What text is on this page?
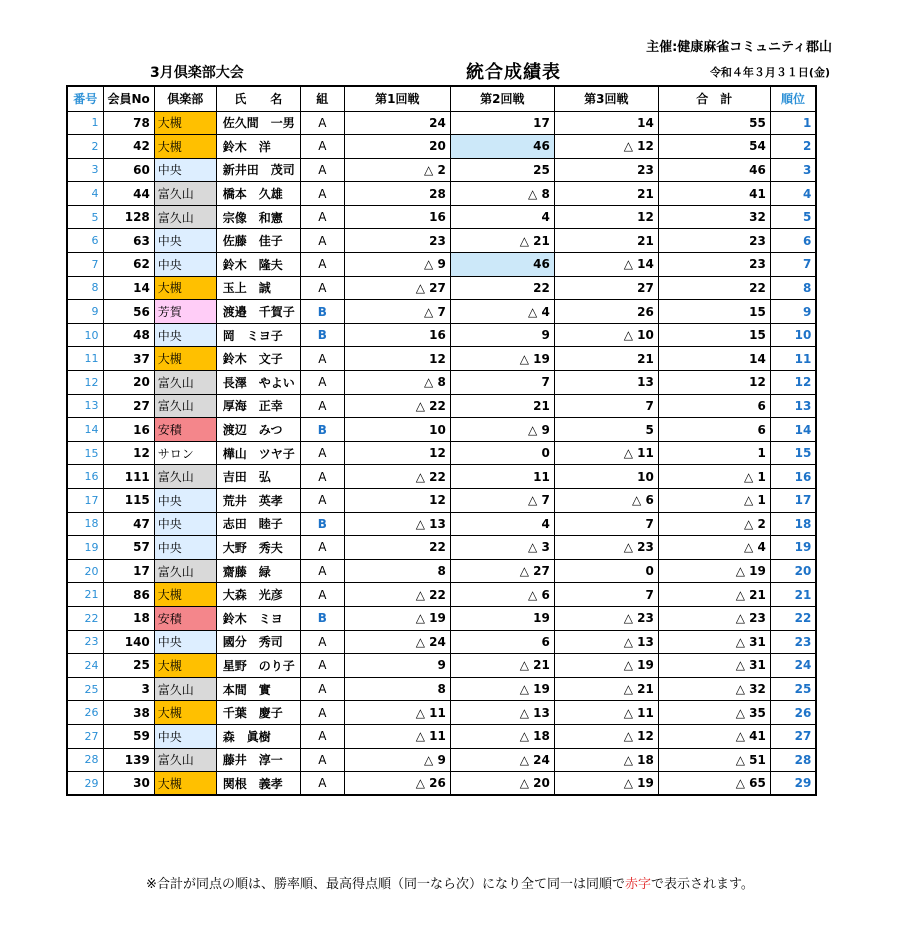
主催:健康麻雀コミュニティ郡山
3月倶楽部大会	統合成績表	令和４年３月３１日(金)
番号	会員No	倶楽部	氏　　名	組	第1回戦	第2回戦	第3回戦	合　計	順位
1	78	大槻	佐久間　一男	A	24	17	14	55	1
2	42	大槻	鈴木　洋	A	20	46	△ 12	54	2
3	60	中央	新井田　茂司	A	△ 2	25	23	46	3
4	44	富久山	橋本　久雄	A	28	△ 8	21	41	4
5	128	富久山	宗像　和憲	A	16	4	12	32	5
6	63	中央	佐藤　佳子	A	23	△ 21	21	23	6
7	62	中央	鈴木　隆夫	A	△ 9	46	△ 14	23	7
8	14	大槻	玉上　誠	A	△ 27	22	27	22	8
9	56	芳賀	渡邉　千賀子	B	△ 7	△ 4	26	15	9
10	48	中央	岡　ミヨ子	B	16	9	△ 10	15	10
11	37	大槻	鈴木　文子	A	12	△ 19	21	14	11
12	20	富久山	長澤　やよい	A	△ 8	7	13	12	12
13	27	富久山	厚海　正幸	A	△ 22	21	7	6	13
14	16	安積	渡辺　みつ	B	10	△ 9	5	6	14
15	12	サロン	樺山　ツヤ子	A	12	0	△ 11	1	15
16	111	富久山	吉田　弘	A	△ 22	11	10	△ 1	16
17	115	中央	荒井　英孝	A	12	△ 7	△ 6	△ 1	17
18	47	中央	志田　睦子	B	△ 13	4	7	△ 2	18
19	57	中央	大野　秀夫	A	22	△ 3	△ 23	△ 4	19
20	17	富久山	齋藤　緑	A	8	△ 27	0	△ 19	20
21	86	大槻	大森　光彦	A	△ 22	△ 6	7	△ 21	21
22	18	安積	鈴木　ミヨ	B	△ 19	19	△ 23	△ 23	22
23	140	中央	國分　秀司	A	△ 24	6	△ 13	△ 31	23
24	25	大槻	星野　のり子	A	9	△ 21	△ 19	△ 31	24
25	3	富久山	本間　實	A	8	△ 19	△ 21	△ 32	25
26	38	大槻	千葉　慶子	A	△ 11	△ 13	△ 11	△ 35	26
27	59	中央	森　眞樹	A	△ 11	△ 18	△ 12	△ 41	27
28	139	富久山	藤井　淳一	A	△ 9	△ 24	△ 18	△ 51	28
29	30	大槻	関根　義孝	A	△ 26	△ 20	△ 19	△ 65	29
※合計が同点の順は、勝率順、最高得点順（同一なら次）になり全て同一は同順で赤字で表示されます。
